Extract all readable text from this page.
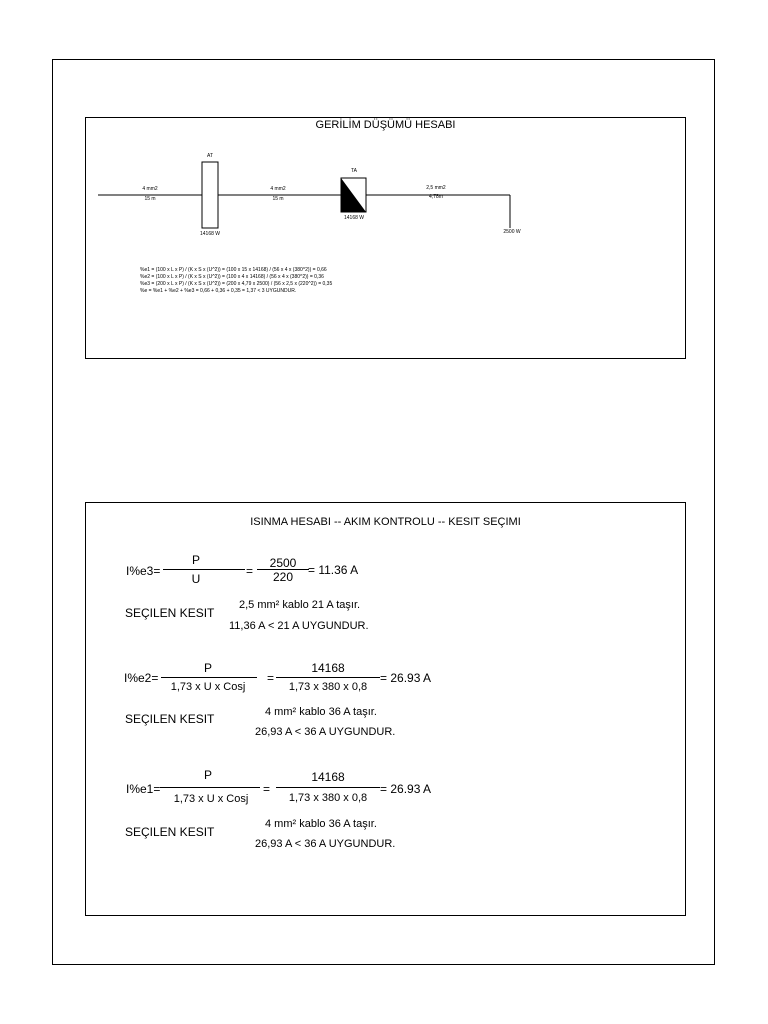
GERİLİM DÜŞÜMÜ HESABI
4 mm2
15 m
AT
14168 W
4 mm2
15 m
TA
14168 W
2,5 mm2
4,78m
2500 W
%e1 = (100 x L x P) / (K x S x (U^2)) = (100 x 15 x 14168) / (56 x 4 x (380^2)) = 0,66
%e2 = (100 x L x P) / (K x S x (U^2)) = (100 x 4 x 14168) / (56 x 4 x (380^2)) = 0,36
%e3 = (200 x L x P) / (K x S x (U^2)) = (200 x 4,79 x 2500) / (56 x 2,5 x (220^2)) = 0,35
%e = %e1 + %e2 + %e3 = 0,66 + 0,36 + 0,35 = 1,37 < 3 UYGUNDUR.
ISINMA HESABI -- AKIM KONTROLU -- KESIT SEÇIMI
I%e3=
P
U
=
2500
220	= 11.36 A
SEÇILEN KESIT
2,5 mm² kablo 21 A taşır.
11,36 A < 21 A UYGUNDUR.
I%e2=
P
1,73 x U x Cosj
=
14168
1,73 x 380 x 0,8
= 26.93 A
SEÇILEN KESIT	4 mm² kablo 36 A taşır.
26,93 A < 36 A UYGUNDUR.
I%e1=
P
1,73 x U x Cosj
=
14168
1,73 x 380 x 0,8
= 26.93 A
SEÇILEN KESIT
4 mm² kablo 36 A taşır.
26,93 A < 36 A UYGUNDUR.
